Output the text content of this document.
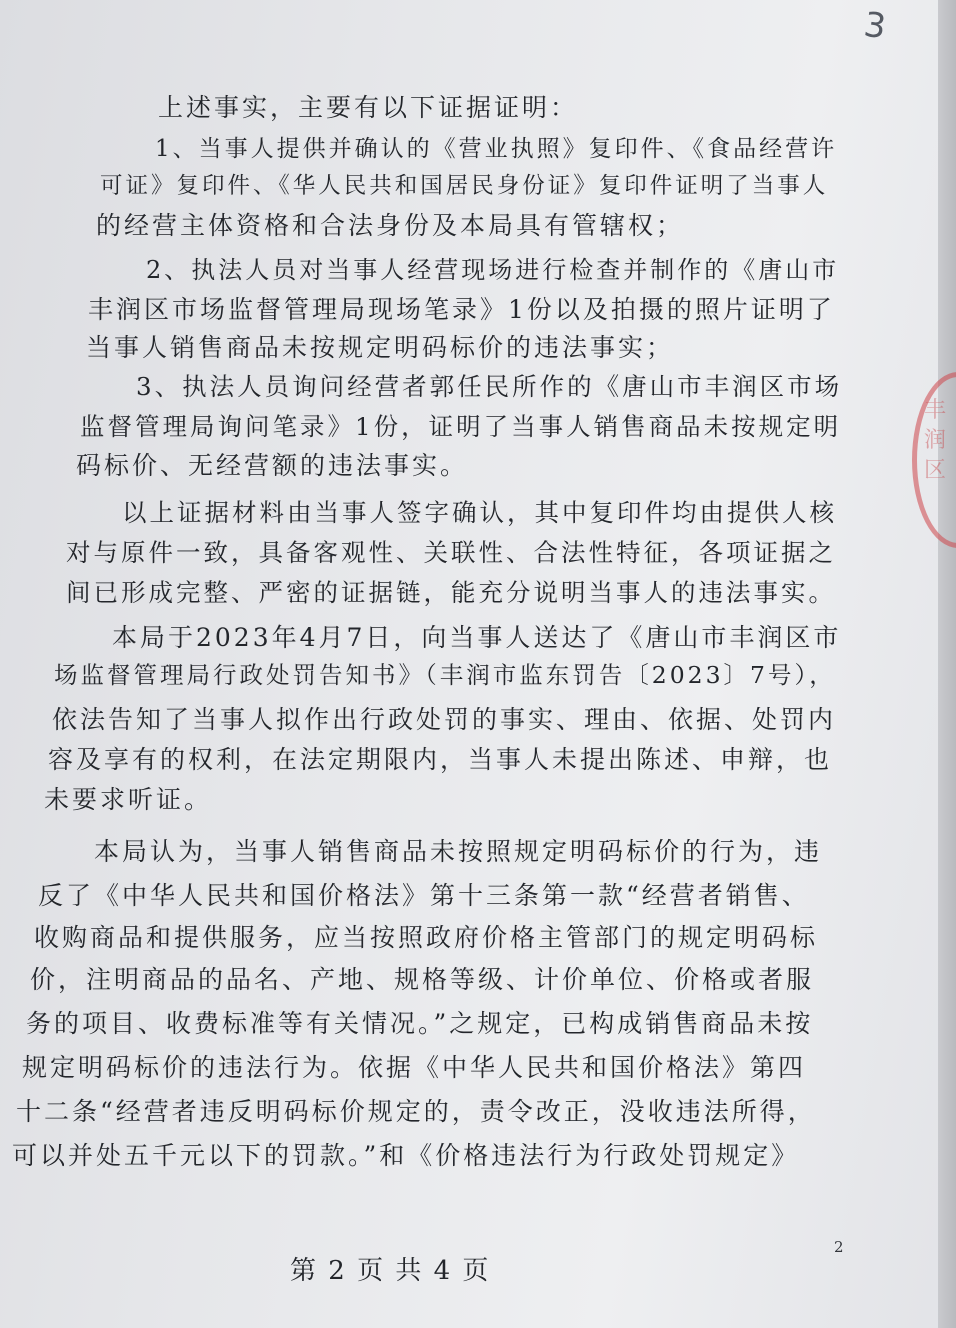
3
丰润区
上述事实，主要有以下证据证明：
1、当事人提供并确认的《营业执照》复印件、《食品经营许
可证》复印件、《华人民共和国居民身份证》复印件证明了当事人
的经营主体资格和合法身份及本局具有管辖权；
2、执法人员对当事人经营现场进行检查并制作的《唐山市
丰润区市场监督管理局现场笔录》1份以及拍摄的照片证明了
当事人销售商品未按规定明码标价的违法事实；
3、执法人员询问经营者郭任民所作的《唐山市丰润区市场
监督管理局询问笔录》1份，证明了当事人销售商品未按规定明
码标价、无经营额的违法事实。
以上证据材料由当事人签字确认，其中复印件均由提供人核
对与原件一致，具备客观性、关联性、合法性特征，各项证据之
间已形成完整、严密的证据链，能充分说明当事人的违法事实。
本局于2023年4月7日，向当事人送达了《唐山市丰润区市
场监督管理局行政处罚告知书》（丰润市监东罚告〔2023〕7号），
依法告知了当事人拟作出行政处罚的事实、理由、依据、处罚内
容及享有的权利，在法定期限内，当事人未提出陈述、申辩，也
未要求听证。
本局认为，当事人销售商品未按照规定明码标价的行为，违
反了《中华人民共和国价格法》第十三条第一款“经营者销售、
收购商品和提供服务，应当按照政府价格主管部门的规定明码标
价，注明商品的品名、产地、规格等级、计价单位、价格或者服
务的项目、收费标准等有关情况。”之规定，已构成销售商品未按
规定明码标价的违法行为。依据《中华人民共和国价格法》第四
十二条“经营者违反明码标价规定的，责令改正，没收违法所得，
可以并处五千元以下的罚款。”和《价格违法行为行政处罚规定》
2
第 2 页 共 4 页
